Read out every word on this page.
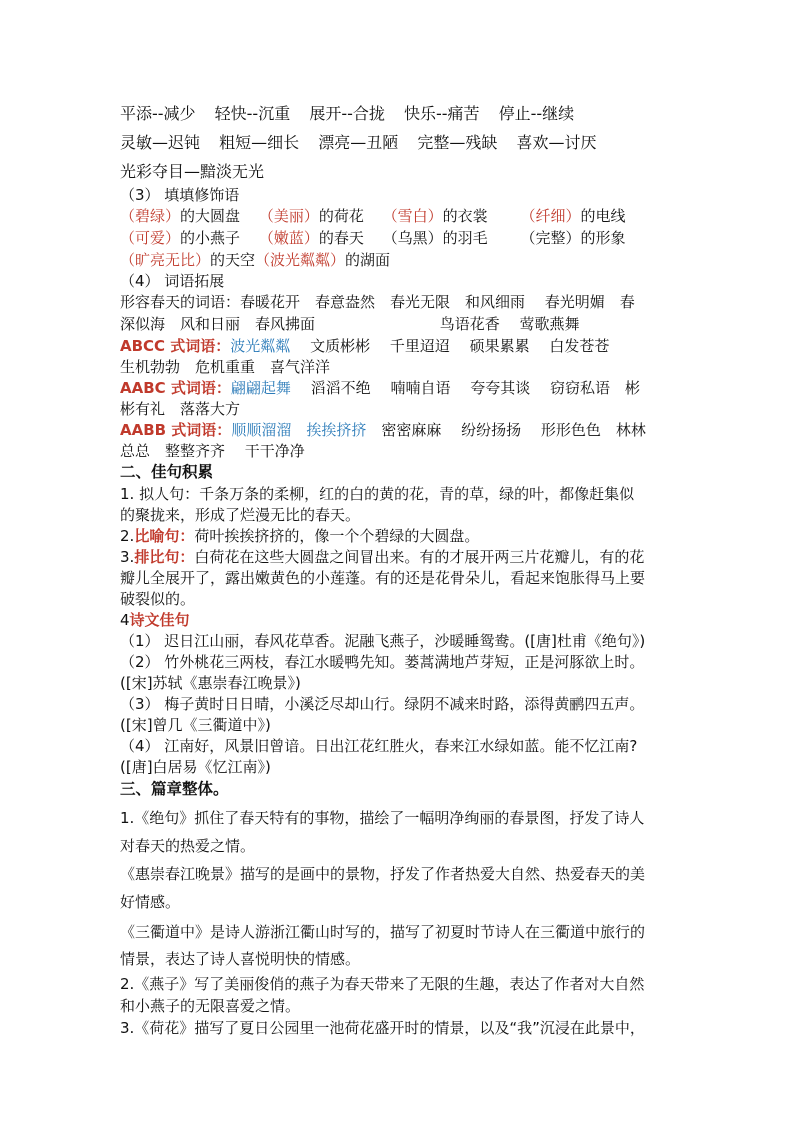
平添--减少 轻快--沉重 展开--合拢 快乐--痛苦 停止--继续
灵敏—迟钝 粗短—细长 漂亮—丑陋 完整—残缺 喜欢—讨厌
光彩夺目—黯淡无光
（3） 填填修饰语
（碧绿）的大圆盘 （美丽）的荷花 （雪白）的衣裳 （纤细）的电线
（可爱）的小燕子 （嫩蓝）的春天 （乌黑）的羽毛 （完整）的形象
（旷亮无比）的天空（波光粼粼）的湖面
（4） 词语拓展
形容春天的词语：春暖花开　春意盎然　春光无限　和风细雨　 春光明媚　春
深似海　风和日丽　春风拂面　　　　　　　　 鸟语花香　 莺歌燕舞
ABCC 式词语：波光粼粼　 文质彬彬　 千里迢迢　 硕果累累　 白发苍苍
生机勃勃　危机重重　喜气洋洋
AABC 式词语：翩翩起舞　 滔滔不绝　 喃喃自语　 夸夸其谈　 窃窃私语　彬
彬有礼　落落大方
AABB 式词语：顺顺溜溜　 挨挨挤挤　密密麻麻　 纷纷扬扬　 形形色色　林林
总总　整整齐齐　 干干净净
二、佳句积累
1. 拟人句：千条万条的柔柳，红的白的黄的花，青的草，绿的叶，都像赶集似
的聚拢来，形成了烂漫无比的春天。
2.比喻句：荷叶挨挨挤挤的，像一个个碧绿的大圆盘。
3.排比句：白荷花在这些大圆盘之间冒出来。有的才展开两三片花瓣儿，有的花
瓣儿全展开了，露出嫩黄色的小莲蓬。有的还是花骨朵儿，看起来饱胀得马上要
破裂似的。
4诗文佳句
（1） 迟日江山丽，春风花草香。泥融飞燕子，沙暖睡鸳鸯。([唐]杜甫《绝句》)
（2） 竹外桃花三两枝，春江水暖鸭先知。蒌蒿满地芦芽短，正是河豚欲上时。
([宋]苏轼《惠崇春江晚景》)
（3） 梅子黄时日日晴，小溪泛尽却山行。绿阴不减来时路，添得黄鹂四五声。
([宋]曾几《三衢道中》)
（4） 江南好，风景旧曾谙。日出江花红胜火，春来江水绿如蓝。能不忆江南?
([唐]白居易《忆江南》)
三、篇章整体。
1.《绝句》抓住了春天特有的事物，描绘了一幅明净绚丽的春景图，抒发了诗人
对春天的热爱之情。
《惠崇春江晚景》描写的是画中的景物，抒发了作者热爱大自然、热爱春天的美
好情感。
《三衢道中》是诗人游浙江衢山时写的，描写了初夏时节诗人在三衢道中旅行的
情景，表达了诗人喜悦明快的情感。
2.《燕子》写了美丽俊俏的燕子为春天带来了无限的生趣，表达了作者对大自然
和小燕子的无限喜爱之情。
3.《荷花》描写了夏日公园里一池荷花盛开时的情景，以及“我”沉浸在此景中，
